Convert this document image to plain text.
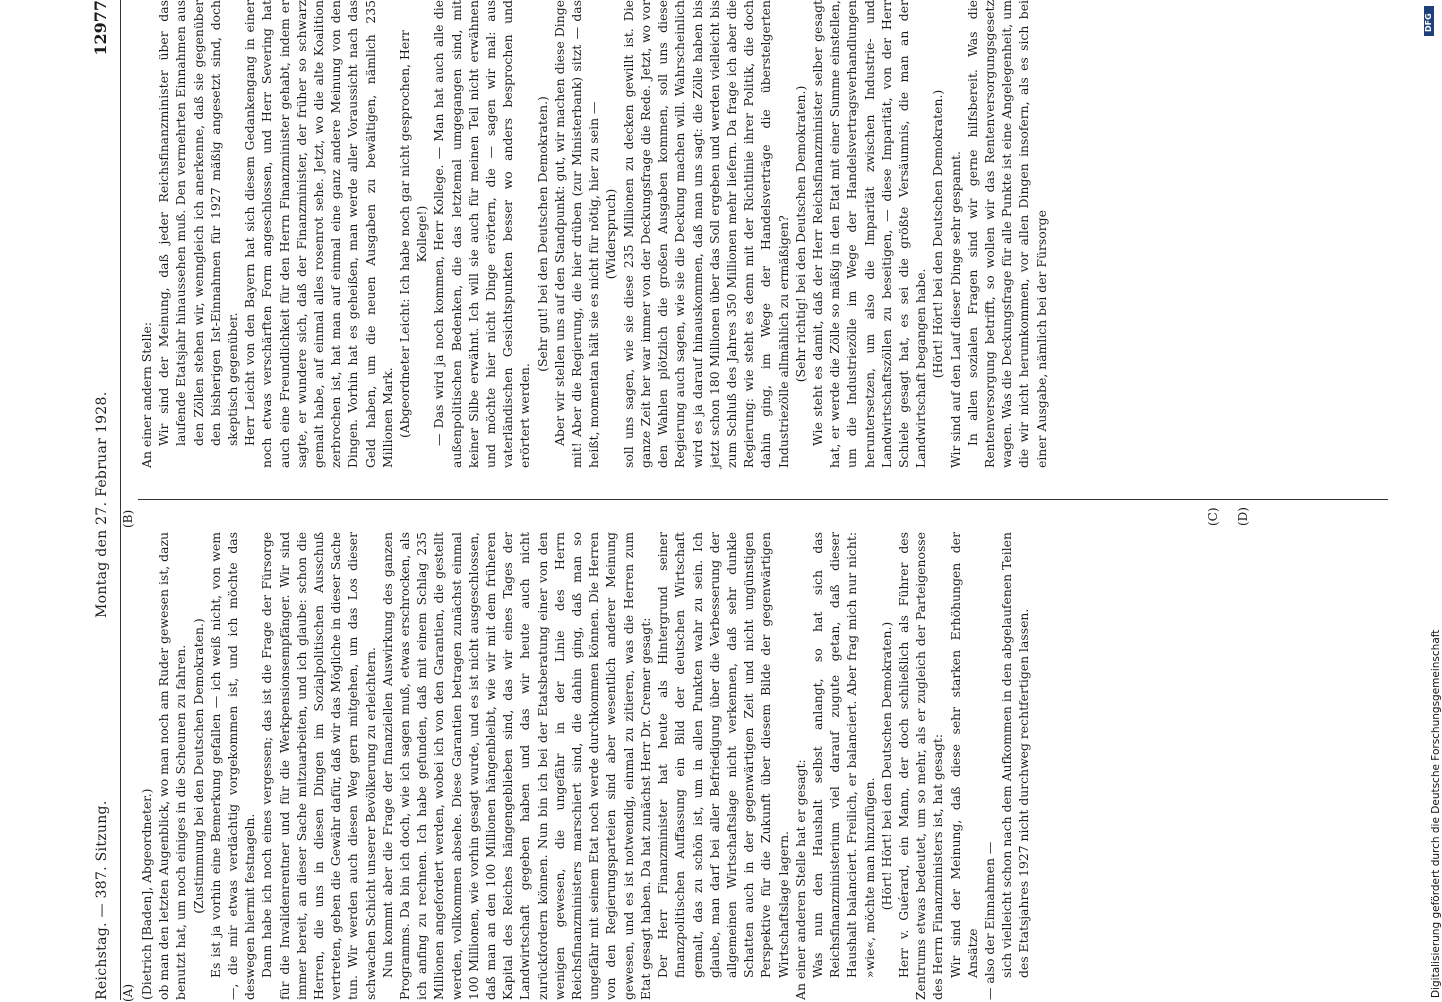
Reichstag. — 387. Sitzung.
Montag den 27. Februar 1928.
12977

(Dietrich [Baden], Abgeordneter.) ob man den letzten Augenblick, wo man noch am Ruder gewesen ist, dazu benutzt hat, um noch einiges in die Scheunen zu fahren. (Zustimmung bei den Deutschen Demokraten.) Es ist ja vorhin eine Bemerkung gefallen — ich weiß nicht, von wem —, die mir etwas verdächtig vorgekommen ist, und ich möchte das deswegen hiermit festnageln. Dann habe ich noch eines vergessen; das ist die Frage der Fürsorge für die Invalidenrentner und für die Werkpensionsempfänger. Wir sind immer bereit, an dieser Sache mitzuarbeiten, und ich glaube: schon die Herren, die uns in diesen Dingen im Sozialpolitischen Ausschuß vertreten, geben die Gewähr dafür, daß wir das Mögliche in dieser Sache tun. Wir werden auch diesen Weg gern mitgehen, um das Los dieser schwachen Schicht unserer Bevölkerung zu erleichtern. Nun kommt aber die Frage der finanziellen Auswirkung des ganzen Programms. Da bin ich doch, wie ich sagen muß, etwas erschrocken, als ich anfing zu rechnen. Ich habe gefunden, daß mit einem Schlag 235 Millionen angefordert werden, wobei ich von den Garantien, die gestellt werden, vollkommen absehe. Diese Garantien betragen zunächst einmal 100 Millionen, wie vorhin gesagt wurde, und es ist nicht ausgeschlossen, daß man an den 100 Millionen hängenbleibt, wie wir mit dem früheren Kapital des Reiches hängengeblieben sind, das wir eines Tages der Landwirtschaft gegeben haben und das wir heute auch nicht zurückfordern können. Nun bin ich bei der Etatsberatung einer von den wenigen gewesen, die ungefähr in der Linie des Herrn Reichsfinanzministers marschiert sind, die dahin ging, daß man so ungefähr mit seinem Etat noch werde durchkommen können. Die Herren von den Regierungsparteien sind aber wesentlich anderer Meinung gewesen, und es ist notwendig, einmal zu zitieren, was die Herren zum Etat gesagt haben. Da hat zunächst Herr Dr. Cremer gesagt: Der Herr Finanzminister hat heute als Hintergrund seiner finanzpolitischen Auffassung ein Bild der deutschen Wirtschaft gemalt, das zu schön ist, um in allen Punkten wahr zu sein. Ich glaube, man darf bei aller Befriedigung über die Verbesserung der allgemeinen Wirtschaftslage nicht verkennen, daß sehr dunkle Schatten auch in der gegenwärtigen Zeit und nicht ungünstigen Perspektive für die Zukunft über diesem Bilde der gegenwärtigen Wirtschaftslage lagern. An einer anderen Stelle hat er gesagt: Was nun den Haushalt selbst anlangt, so hat sich das Reichsfinanzministerium viel darauf zugute getan, daß dieser Haushalt balanciert. Freilich, er balanciert. Aber frag mich nur nicht: »wie«, möchte man hinzufügen. (Hört! Hört! bei den Deutschen Demokraten.) Herr v. Guérard, ein Mann, der doch schließlich als Führer des Zentrums etwas bedeutet, um so mehr, als er zugleich der Parteigenosse des Herrn Finanzministers ist, hat gesagt: Wir sind der Meinung, daß diese sehr starken Erhöhungen der Ansätze — also der Einnahmen — sich vielleicht schon nach dem Aufkommen in den abgelaufenen Teilen des Etatsjahres 1927 nicht durchweg rechtfertigen lassen.

An einer andern Stelle: Wir sind der Meinung, daß jeder Reichsfinanzminister über das laufende Etatsjahr hinaussehen muß. Den vermehrten Einnahmen aus den Zöllen stehen wir, wenngleich ich anerkenne, daß sie gegenüber den bisherigen Ist-Einnahmen für 1927 mäßig angesetzt sind, doch skeptisch gegenüber. Herr Leicht von den Bayern hat sich diesem Gedankengang in einer noch etwas verschärften Form angeschlossen, und Herr Severing hat auch eine Freundlichkeit für den Herrn Finanzminister gehabt, indem er sagte, er wundere sich, daß der Finanzminister, der früher so schwarz gemalt habe, auf einmal alles rosenrot sehe. Jetzt, wo die alte Koalition zerbrochen ist, hat man auf einmal eine ganz andere Meinung von den Dingen. Vorhin hat es geheißen, man werde aller Voraussicht nach das Geld haben, um die neuen Ausgaben zu bewältigen, nämlich 235 Millionen Mark. (Abgeordneter Leicht: Ich habe noch gar nicht gesprochen, Herr Kollege!) — Das wird ja noch kommen, Herr Kollege. — Man hat auch alle die außenpolitischen Bedenken, die das letztemal umgegangen sind, mit keiner Silbe erwähnt. Ich will sie auch für meinen Teil nicht erwähnen und möchte hier nicht Dinge erörtern, die — sagen wir mal: aus vaterländischen Gesichtspunkten besser wo anders besprochen und erörtert werden.

(Sehr gut! bei den Deutschen Demokraten.) Aber wir stellen uns auf den Standpunkt: gut, wir machen diese Dinge mit! Aber die Regierung, die hier drüben (zur Ministerbank) sitzt — das heißt, momentan hält sie es nicht für nötig, hier zu sein — (Widerspruch) soll uns sagen, wie sie diese 235 Millionen zu decken gewillt ist. Die ganze Zeit her war immer von der Deckungsfrage die Rede. Jetzt, wo vor den Wahlen plötzlich die großen Ausgaben kommen, soll uns diese Regierung auch sagen, wie sie die Deckung machen will. Wahrscheinlich wird es ja darauf hinauskommen, daß man uns sagt: die Zölle haben bis jetzt schon 180 Millionen über das Soll ergeben und werden vielleicht bis zum Schluß des Jahres 350 Millionen mehr liefern. Da frage ich aber die Regierung: wie steht es denn mit der Richtlinie ihrer Politik, die doch dahin ging, im Wege der Handelsverträge die überstelgerten Industriezölle allmählich zu ermäßigen? (Sehr richtig! bei den Deutschen Demokraten.) Wie steht es damit, daß der Herr Reichsfinanzminister selber gesagt hat, er werde die Zölle so mäßig in den Etat mit einer Summe einstellen, um die Industriezölle im Wege der Handelsvertragsverhandlungen heruntersetzen, um also die Imparität zwischen Industrie- und Landwirtschaftszöllen zu beseitigen, — diese Imparität, von der Herr Schiele gesagt hat, es sei die größte Versäumnis, die man an der Landwirtschaft begangen habe. (Hört! Hört! bei den Deutschen Demokraten.) Wir sind auf den Lauf dieser Dinge sehr gespannt. In allen sozialen Fragen sind wir gerne hilfsbereit. Was die Rentenversorgung betrifft, so wollen wir das Rentenversorgungsgesetz wagen. Was die Deckungsfrage für alle Punkte ist eine Angelegenheit, um die wir nicht herumkommen, vor allen Dingen insofern, als es sich bei einer Ausgabe, nämlich bei der Fürsorge

(A)
(B)	(C) (D)
Digitalisierung gefördert durch die Deutsche Forschungsgemeinschaft
DFG
